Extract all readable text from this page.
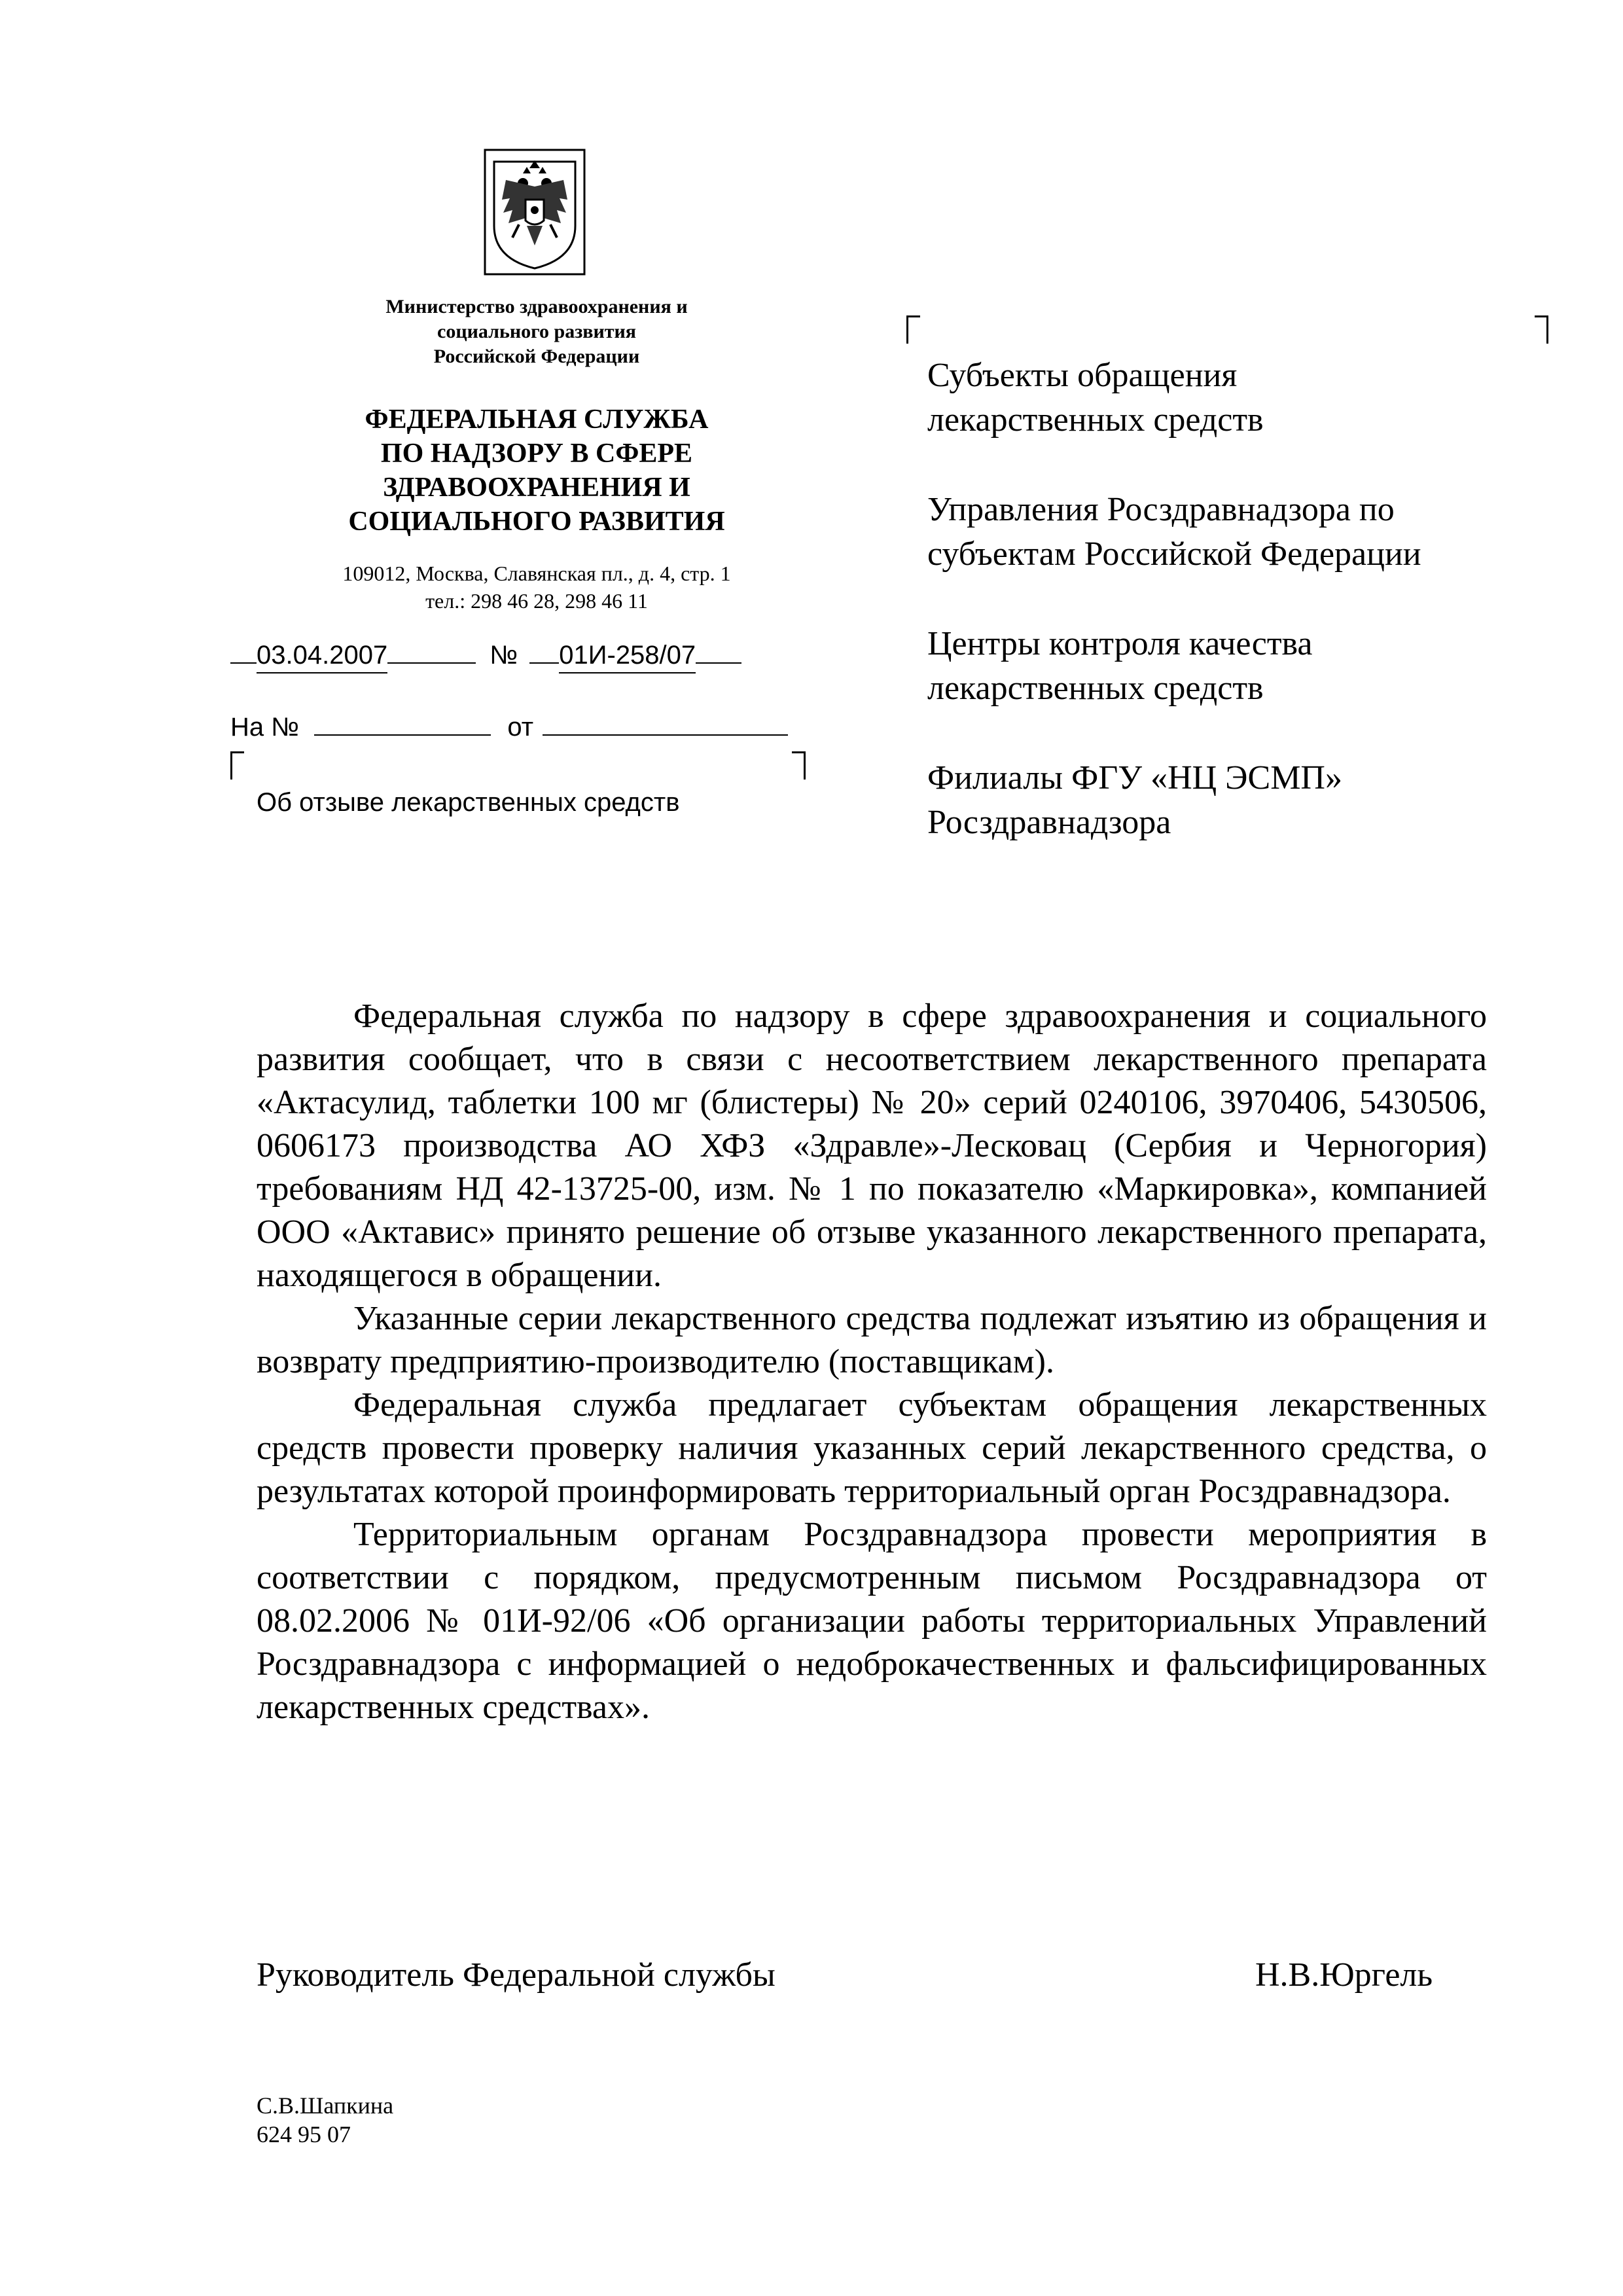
Министерство здравоохранения и
социального развития
Российской Федерации
ФЕДЕРАЛЬНАЯ СЛУЖБА
ПО НАДЗОРУ В СФЕРЕ
ЗДРАВООХРАНЕНИЯ И
СОЦИАЛЬНОГО РАЗВИТИЯ
109012, Москва, Славянская пл., д. 4, стр. 1
тел.: 298 46 28, 298 46 11
03.04.2007	№ 01И-258/07
На №	от
Об отзыве лекарственных средств
Субъекты обращения
лекарственных средств
Управления Росздравнадзора по
субъектам Российской Федерации
Центры контроля качества
лекарственных средств
Филиалы ФГУ «НЦ ЭСМП»
Росздравнадзора

Федеральная служба по надзору в сфере здравоохранения и социального развития сообщает, что в связи с несоответствием лекарственного препарата «Актасулид, таблетки 100 мг (блистеры) № 20» серий 0240106, 3970406, 5430506, 0606173 производства АО ХФЗ «Здравле»-Лесковац (Сербия и Черногория) требованиям НД 42-13725-00, изм. № 1 по показателю «Маркировка», компанией ООО «Актавис» принято решение об отзыве указанного лекарственного препарата, находящегося в обращении.

Указанные серии лекарственного средства подлежат изъятию из обращения и возврату предприятию-производителю (поставщикам).

Федеральная служба предлагает субъектам обращения лекарственных средств провести проверку наличия указанных серий лекарственного средства, о результатах которой проинформировать территориальный орган Росздравнадзора.

Территориальным органам Росздравнадзора провести мероприятия в соответствии с порядком, предусмотренным письмом Росздравнадзора от 08.02.2006 № 01И-92/06 «Об организации работы территориальных Управлений Росздравнадзора с информацией о недоброкачественных и фальсифицированных лекарственных средствах».

Руководитель Федеральной службы	Н.В.Юргель
С.В.Шапкина
624 95 07
